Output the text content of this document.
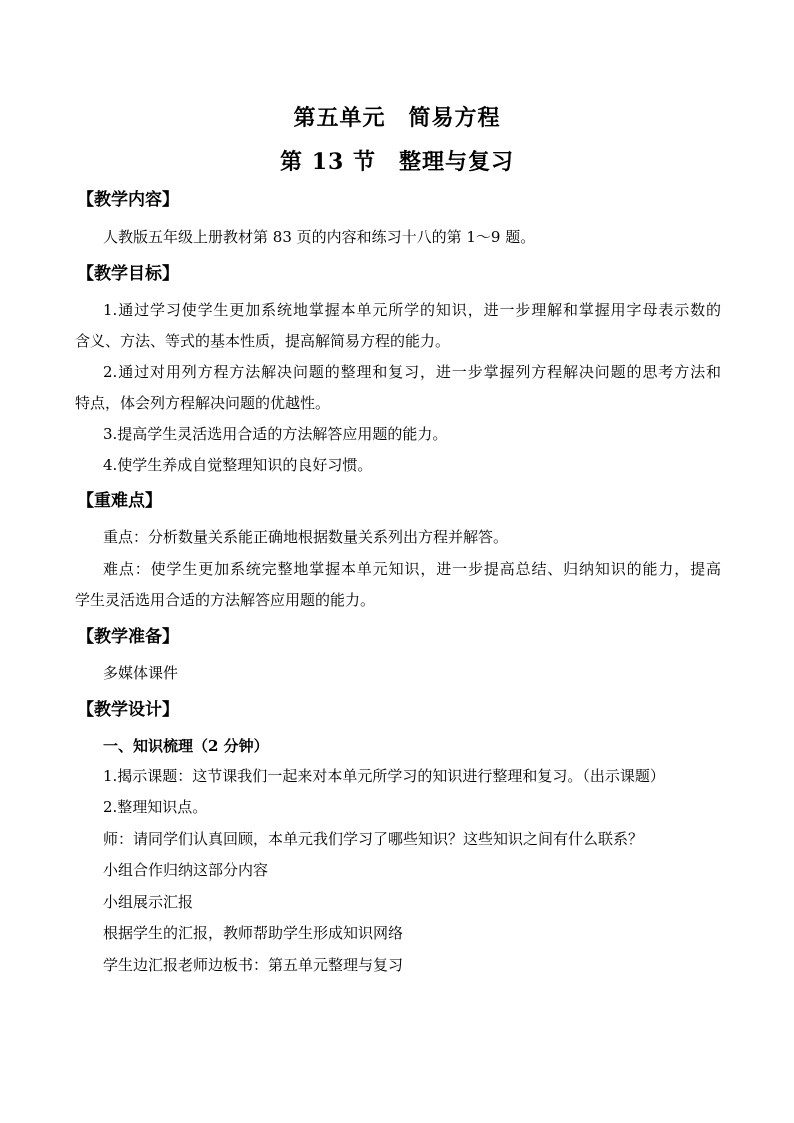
第五单元　简易方程
第 13 节　整理与复习
【教学内容】
人教版五年级上册教材第 83 页的内容和练习十八的第 1～9 题。
【教学目标】
1.通过学习使学生更加系统地掌握本单元所学的知识，进一步理解和掌握用字母表示数的
含义、方法、等式的基本性质，提高解简易方程的能力。
2.通过对用列方程方法解决问题的整理和复习，进一步掌握列方程解决问题的思考方法和
特点，体会列方程解决问题的优越性。
3.提高学生灵活选用合适的方法解答应用题的能力。
4.使学生养成自觉整理知识的良好习惯。
【重难点】
重点：分析数量关系能正确地根据数量关系列出方程并解答。
难点：使学生更加系统完整地掌握本单元知识，进一步提高总结、归纳知识的能力，提高
学生灵活选用合适的方法解答应用题的能力。
【教学准备】
多媒体课件
【教学设计】
一、知识梳理（2 分钟）
1.揭示课题：这节课我们一起来对本单元所学习的知识进行整理和复习。（出示课题）
2.整理知识点。
师：请同学们认真回顾，本单元我们学习了哪些知识？这些知识之间有什么联系？
小组合作归纳这部分内容
小组展示汇报
根据学生的汇报，教师帮助学生形成知识网络
学生边汇报老师边板书：第五单元整理与复习
